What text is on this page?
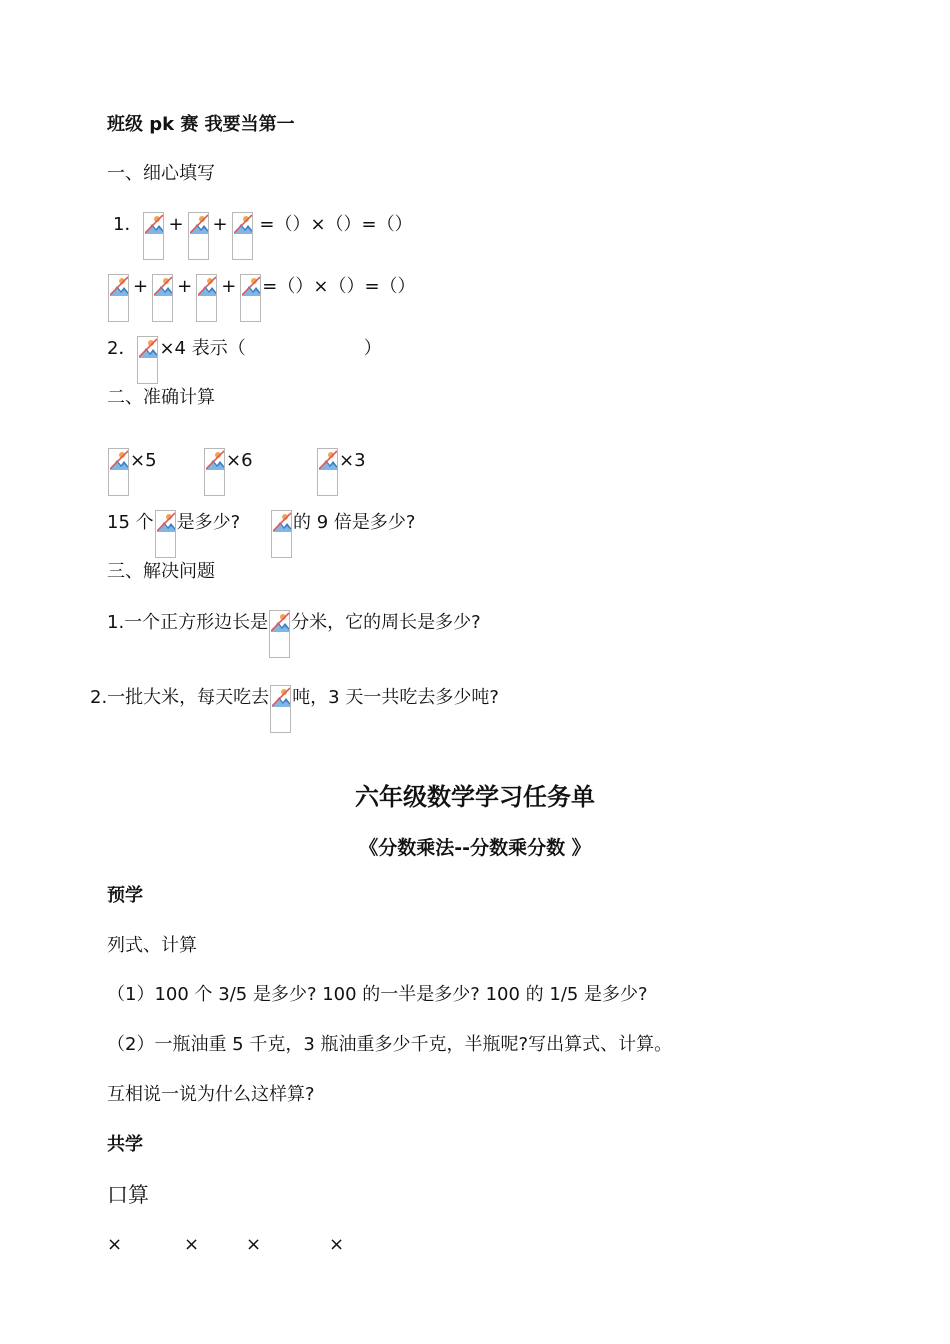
班级 pk 赛 我要当第一
一、细心填写
1． + + =（）×（）=（）
+ + + =（）×（）=（）
2． ×4 表示（	）
二、准确计算
×5	×6	×3
15 个 是多少?	的 9 倍是多少?
三、解决问题
1.一个正方形边长是 分米，它的周长是多少?
2.一批大米，每天吃去 吨，3 天一共吃去多少吨?
六年级数学学习任务单
《分数乘法--分数乘分数 》
预学
列式、计算
（1）100 个 3/5 是多少? 100 的一半是多少? 100 的 1/5 是多少?
（2）一瓶油重 5 千克，3 瓶油重多少千克，半瓶呢?写出算式、计算。
互相说一说为什么这样算?
共学
口算
×	×	×	×
